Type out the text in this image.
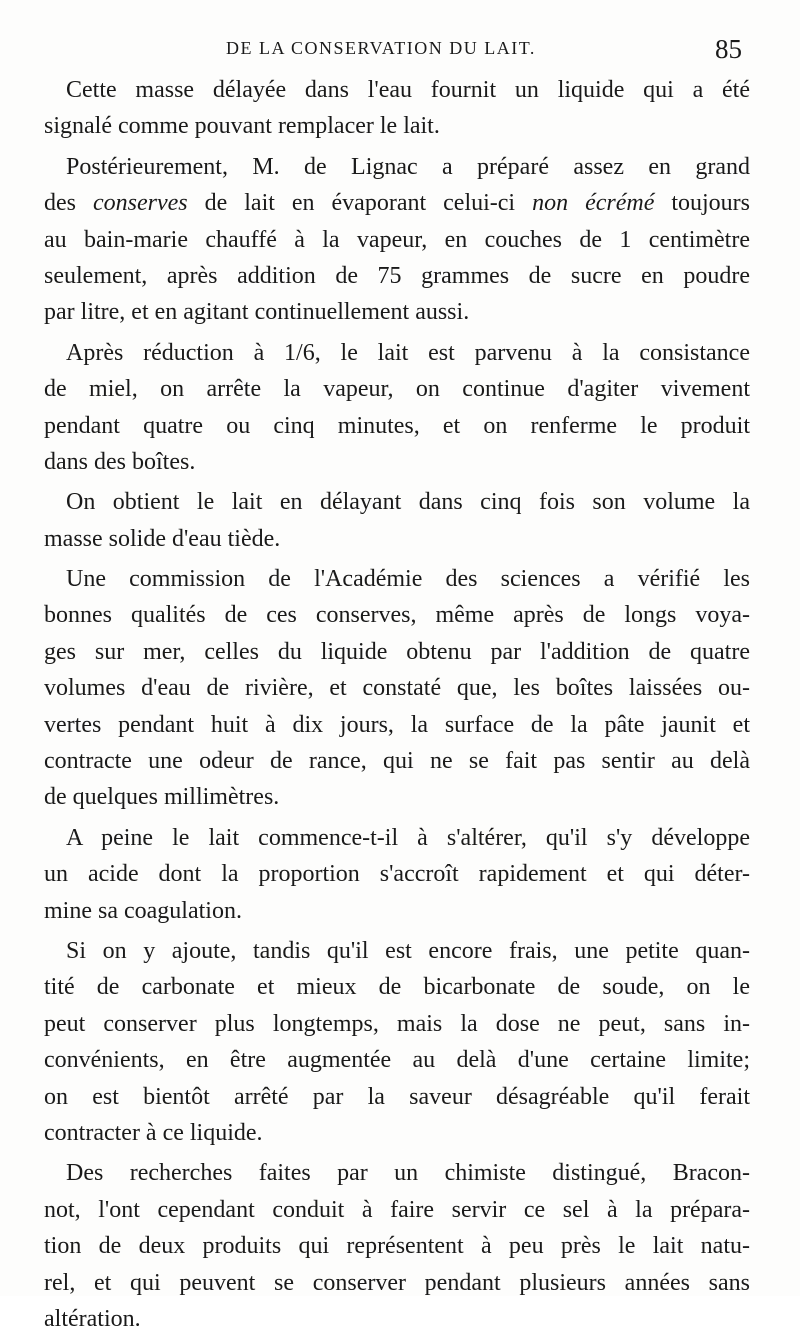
DE LA CONSERVATION DU LAIT.	85
Cette masse délayée dans l'eau fournit un liquide qui a été
signalé comme pouvant remplacer le lait.
Postérieurement, M. de Lignac a préparé assez en grand
des conserves de lait en évaporant celui-ci non écrémé toujours
au bain-marie chauffé à la vapeur, en couches de 1 centimètre
seulement, après addition de 75 grammes de sucre en poudre
par litre, et en agitant continuellement aussi.
Après réduction à 1/6, le lait est parvenu à la consistance
de miel, on arrête la vapeur, on continue d'agiter vivement
pendant quatre ou cinq minutes, et on renferme le produit
dans des boîtes.
On obtient le lait en délayant dans cinq fois son volume la
masse solide d'eau tiède.
Une commission de l'Académie des sciences a vérifié les
bonnes qualités de ces conserves, même après de longs voya-
ges sur mer, celles du liquide obtenu par l'addition de quatre
volumes d'eau de rivière, et constaté que, les boîtes laissées ou-
vertes pendant huit à dix jours, la surface de la pâte jaunit et
contracte une odeur de rance, qui ne se fait pas sentir au delà
de quelques millimètres.
A peine le lait commence-t-il à s'altérer, qu'il s'y développe
un acide dont la proportion s'accroît rapidement et qui déter-
mine sa coagulation.
Si on y ajoute, tandis qu'il est encore frais, une petite quan-
tité de carbonate et mieux de bicarbonate de soude, on le
peut conserver plus longtemps, mais la dose ne peut, sans in-
convénients, en être augmentée au delà d'une certaine limite;
on est bientôt arrêté par la saveur désagréable qu'il ferait
contracter à ce liquide.
Des recherches faites par un chimiste distingué, Bracon-
not, l'ont cependant conduit à faire servir ce sel à la prépara-
tion de deux produits qui représentent à peu près le lait natu-
rel, et qui peuvent se conserver pendant plusieurs années sans
altération.
